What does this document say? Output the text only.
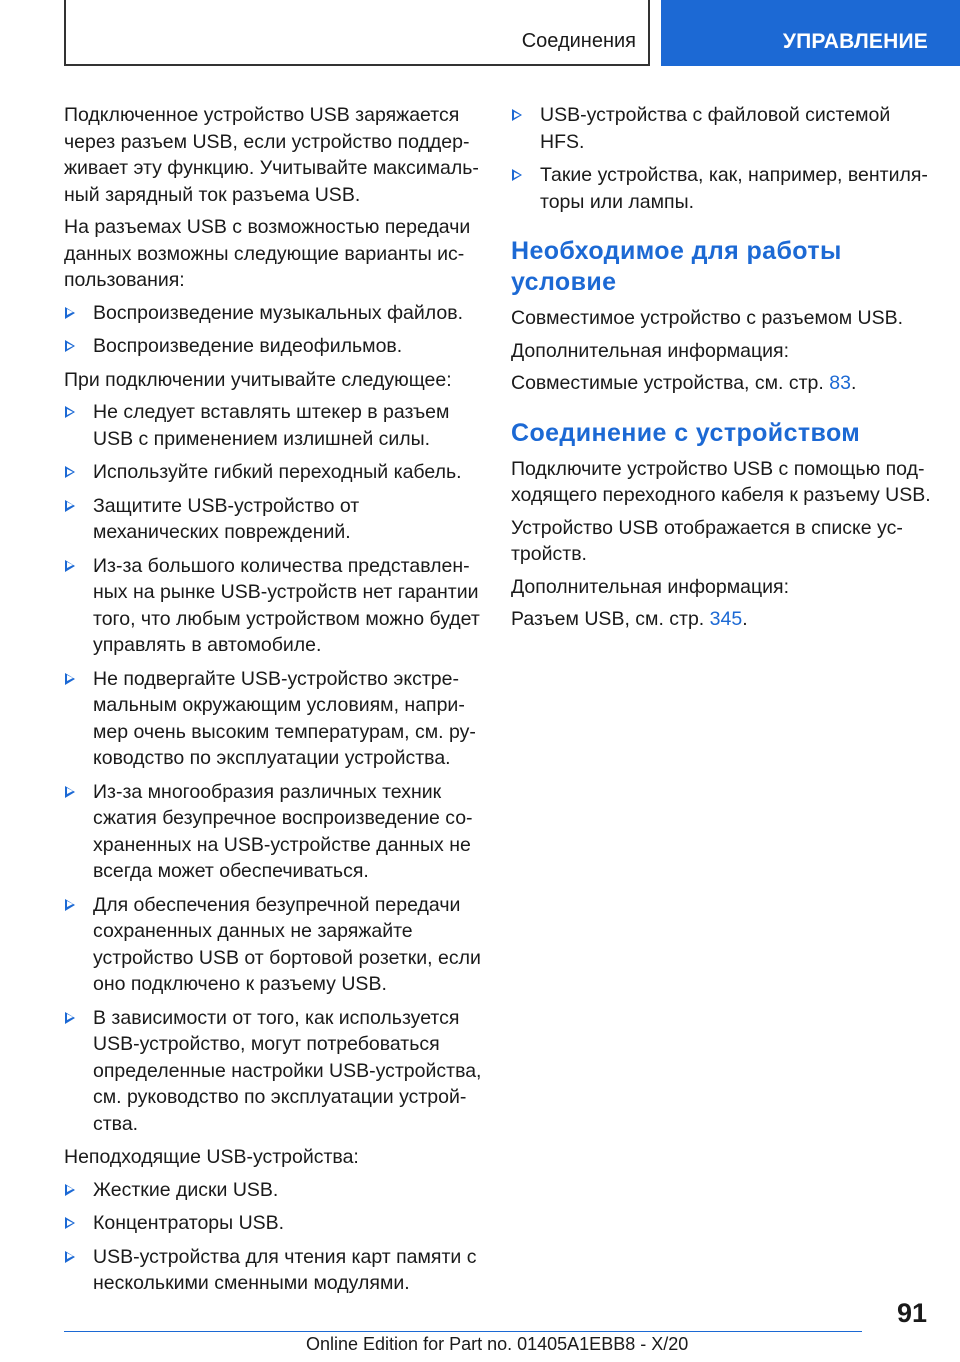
Соединения	УПРАВЛЕНИЕ
Подключенное устройство USB заряжается через разъем USB, если устройство поддерживает эту функцию. Учитывайте максимальный зарядный ток разъема USB.
На разъемах USB с возможностью передачи данных возможны следующие варианты использования:
Воспроизведение музыкальных файлов.
Воспроизведение видеофильмов.
При подключении учитывайте следующее:
Не следует вставлять штекер в разъем USB с применением излишней силы.
Используйте гибкий переходный кабель.
Защитите USB-устройство от механических повреждений.
Из-за большого количества представленных на рынке USB-устройств нет гарантии того, что любым устройством можно будет управлять в автомобиле.
Не подвергайте USB-устройство экстремальным окружающим условиям, например очень высоким температурам, см. руководство по эксплуатации устройства.
Из-за многообразия различных техник сжатия безупречное воспроизведение сохраненных на USB-устройстве данных не всегда может обеспечиваться.
Для обеспечения безупречной передачи сохраненных данных не заряжайте устройство USB от бортовой розетки, если оно подключено к разъему USB.
В зависимости от того, как используется USB-устройство, могут потребоваться определенные настройки USB-устройства, см. руководство по эксплуатации устройства.
Неподходящие USB-устройства:
Жесткие диски USB.
Концентраторы USB.
USB-устройства для чтения карт памяти с несколькими сменными модулями.
USB-устройства с файловой системой HFS.
Такие устройства, как, например, вентиляторы или лампы.
Необходимое для работы условие
Совместимое устройство с разъемом USB.
Дополнительная информация:
Совместимые устройства, см. стр. 83.
Соединение с устройством
Подключите устройство USB с помощью подходящего переходного кабеля к разъему USB.
Устройство USB отображается в списке устройств.
Дополнительная информация:
Разъем USB, см. стр. 345.
91
Online Edition for Part no. 01405A1EBB8 - X/20
